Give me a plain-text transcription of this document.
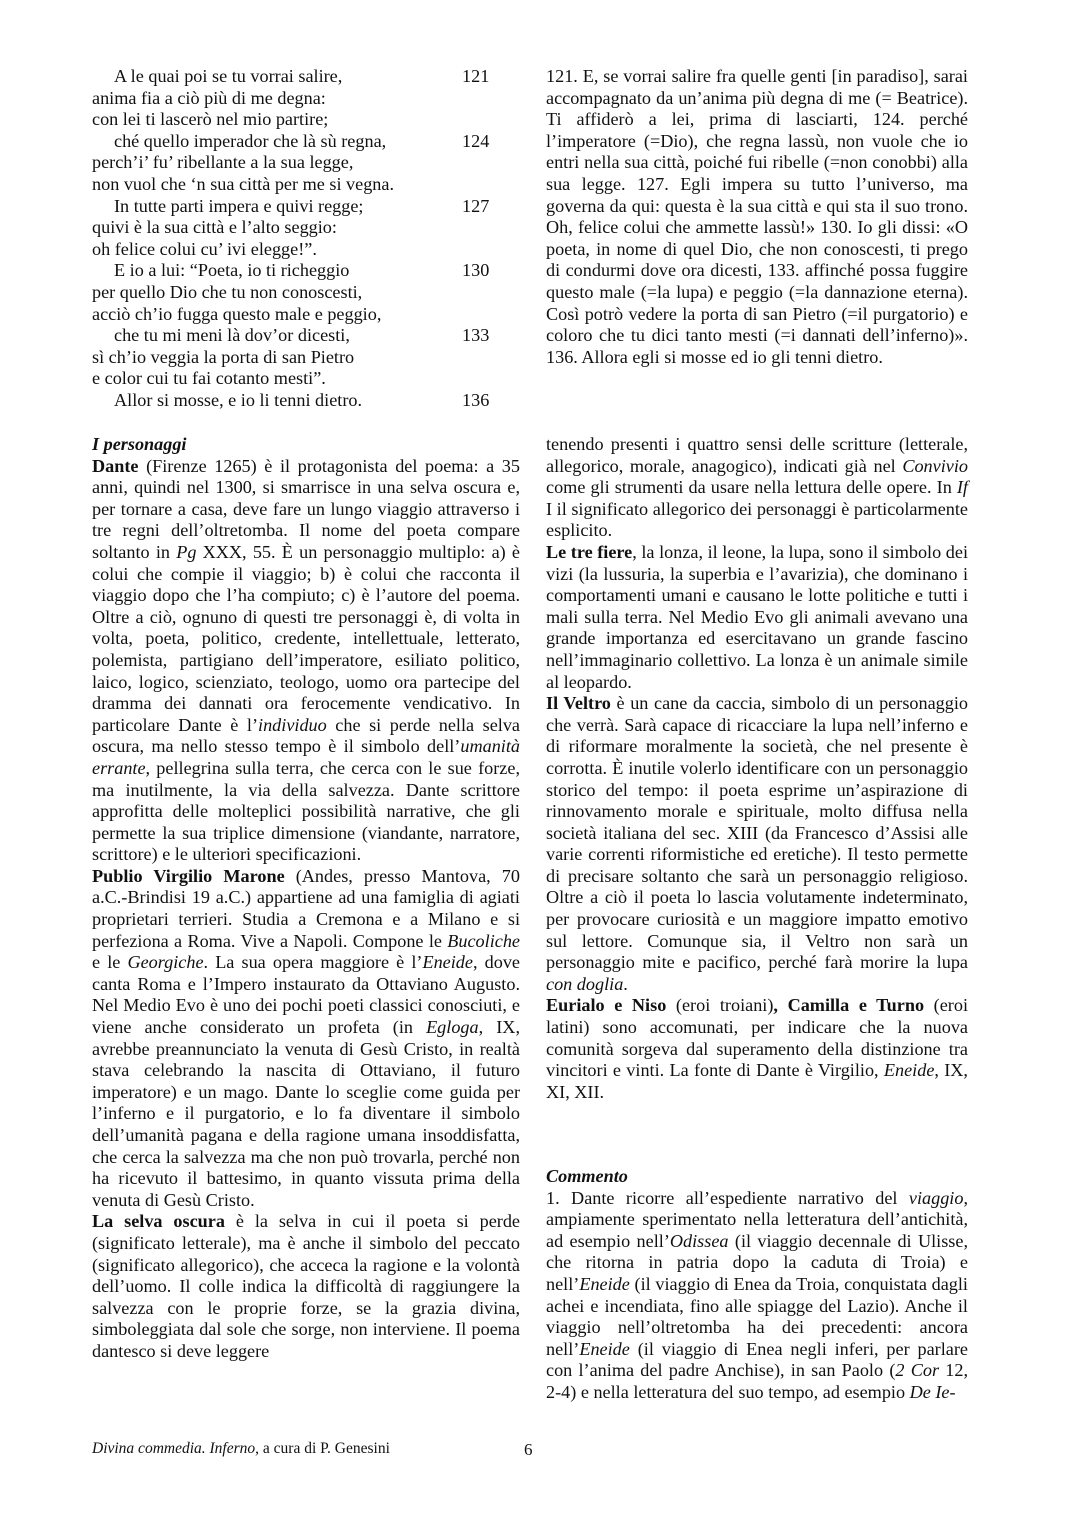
A le quai poi se tu vorrai salire,	121
anima fia a ciò più di me degna:
con lei ti lascerò nel mio partire;
ché quello imperador che là sù regna,	124
perch’i’ fu’ ribellante a la sua legge,
non vuol che ‘n sua città per me si vegna.
In tutte parti impera e quivi regge;	127
quivi è la sua città e l’alto seggio:
oh felice colui cu’ ivi elegge!”.
E io a lui: “Poeta, io ti richeggio	130
per quello Dio che tu non conoscesti,
acciò ch’io fugga questo male e peggio,
che tu mi meni là dov’or dicesti,	133
sì ch’io veggia la porta di san Pietro
e color cui tu fai cotanto mesti”.
Allor si mosse, e io li tenni dietro.	136

121. E, se vorrai salire fra quelle genti [in paradiso], sarai accompagnato da un’anima più degna di me (= Beatrice). Ti affiderò a lei, prima di lasciarti, 124. perché l’imperatore (=Dio), che regna lassù, non vuole che io entri nella sua città, poiché fui ribelle (=non conobbi) alla sua legge. 127. Egli impera su tutto l’universo, ma governa da qui: questa è la sua città e qui sta il suo trono. Oh, felice colui che ammette lassù!» 130. Io gli dissi: «O poeta, in nome di quel Dio, che non conoscesti, ti prego di condurmi dove ora dicesti, 133. affinché possa fuggire questo male (=la lupa) e peggio (=la dannazione eterna). Così potrò vedere la porta di san Pietro (=il purgatorio) e coloro che tu dici tanto mesti (=i dannati dell’inferno)». 136. Allora egli si mosse ed io gli tenni dietro.

I personaggi

Dante (Firenze 1265) è il protagonista del poema: a 35 anni, quindi nel 1300, si smarrisce in una selva oscura e, per tornare a casa, deve fare un lungo viaggio attraverso i tre regni dell’oltretomba. Il nome del poeta compare soltanto in Pg XXX, 55. È un personaggio multiplo: a) è colui che compie il viaggio; b) è colui che racconta il viaggio dopo che l’ha compiuto; c) è l’autore del poema. Oltre a ciò, ognuno di questi tre personaggi è, di volta in volta, poeta, politico, credente, intellettuale, letterato, polemista, partigiano dell’imperatore, esiliato politico, laico, logico, scienziato, teologo, uomo ora partecipe del dramma dei dannati ora ferocemente vendicativo. In particolare Dante è l’individuo che si perde nella selva oscura, ma nello stesso tempo è il simbolo dell’umanità errante, pellegrina sulla terra, che cerca con le sue forze, ma inutilmente, la via della salvezza. Dante scrittore approfitta delle molteplici possibilità narrative, che gli permette la sua triplice dimensione (viandante, narratore, scrittore) e le ulteriori specificazioni.

Publio Virgilio Marone (Andes, presso Mantova, 70 a.C.-Brindisi 19 a.C.) appartiene ad una famiglia di agiati proprietari terrieri. Studia a Cremona e a Milano e si perfeziona a Roma. Vive a Napoli. Compone le Bucoliche e le Georgiche. La sua opera maggiore è l’Eneide, dove canta Roma e l’Impero instaurato da Ottaviano Augusto. Nel Medio Evo è uno dei pochi poeti classici conosciuti, e viene anche considerato un profeta (in Egloga, IX, avrebbe preannunciato la venuta di Gesù Cristo, in realtà stava celebrando la nascita di Ottaviano, il futuro imperatore) e un mago. Dante lo sceglie come guida per l’inferno e il purgatorio, e lo fa diventare il simbolo dell’umanità pagana e della ragione umana insoddisfatta, che cerca la salvezza ma che non può trovarla, perché non ha ricevuto il battesimo, in quanto vissuta prima della venuta di Gesù Cristo.

La selva oscura è la selva in cui il poeta si perde (significato letterale), ma è anche il simbolo del peccato (significato allegorico), che acceca la ragione e la volontà dell’uomo. Il colle indica la difficoltà di raggiungere la salvezza con le proprie forze, se la grazia divina, simboleggiata dal sole che sorge, non interviene. Il poema dantesco si deve leggere

tenendo presenti i quattro sensi delle scritture (letterale, allegorico, morale, anagogico), indicati già nel Convivio come gli strumenti da usare nella lettura delle opere. In If I il significato allegorico dei personaggi è particolarmente esplicito.

Le tre fiere, la lonza, il leone, la lupa, sono il simbolo dei vizi (la lussuria, la superbia e l’avarizia), che dominano i comportamenti umani e causano le lotte politiche e tutti i mali sulla terra. Nel Medio Evo gli animali avevano una grande importanza ed esercitavano un grande fascino nell’immaginario collettivo. La lonza è un animale simile al leopardo.

Il Veltro è un cane da caccia, simbolo di un personaggio che verrà. Sarà capace di ricacciare la lupa nell’inferno e di riformare moralmente la società, che nel presente è corrotta. È inutile volerlo identificare con un personaggio storico del tempo: il poeta esprime un’aspirazione di rinnovamento morale e spirituale, molto diffusa nella società italiana del sec. XIII (da Francesco d’Assisi alle varie correnti riformistiche ed eretiche). Il testo permette di precisare soltanto che sarà un personaggio religioso. Oltre a ciò il poeta lo lascia volutamente indeterminato, per provocare curiosità e un maggiore impatto emotivo sul lettore. Comunque sia, il Veltro non sarà un personaggio mite e pacifico, perché farà morire la lupa con doglia.

Eurialo e Niso (eroi troiani), Camilla e Turno (eroi latini) sono accomunati, per indicare che la nuova comunità sorgeva dal superamento della distinzione tra vincitori e vinti. La fonte di Dante è Virgilio, Eneide, IX, XI, XII.

Commento

1. Dante ricorre all’espediente narrativo del viaggio, ampiamente sperimentato nella letteratura dell’antichità, ad esempio nell’Odissea (il viaggio decennale di Ulisse, che ritorna in patria dopo la caduta di Troia) e nell’Eneide (il viaggio di Enea da Troia, conquistata dagli achei e incendiata, fino alle spiagge del Lazio). Anche il viaggio nell’oltretomba ha dei precedenti: ancora nell’Eneide (il viaggio di Enea negli inferi, per parlare con l’anima del padre Anchise), in san Paolo (2 Cor 12, 2-4) e nella letteratura del suo tempo, ad esempio De Ie-

Divina commedia. Inferno, a cura di P. Genesini	6
